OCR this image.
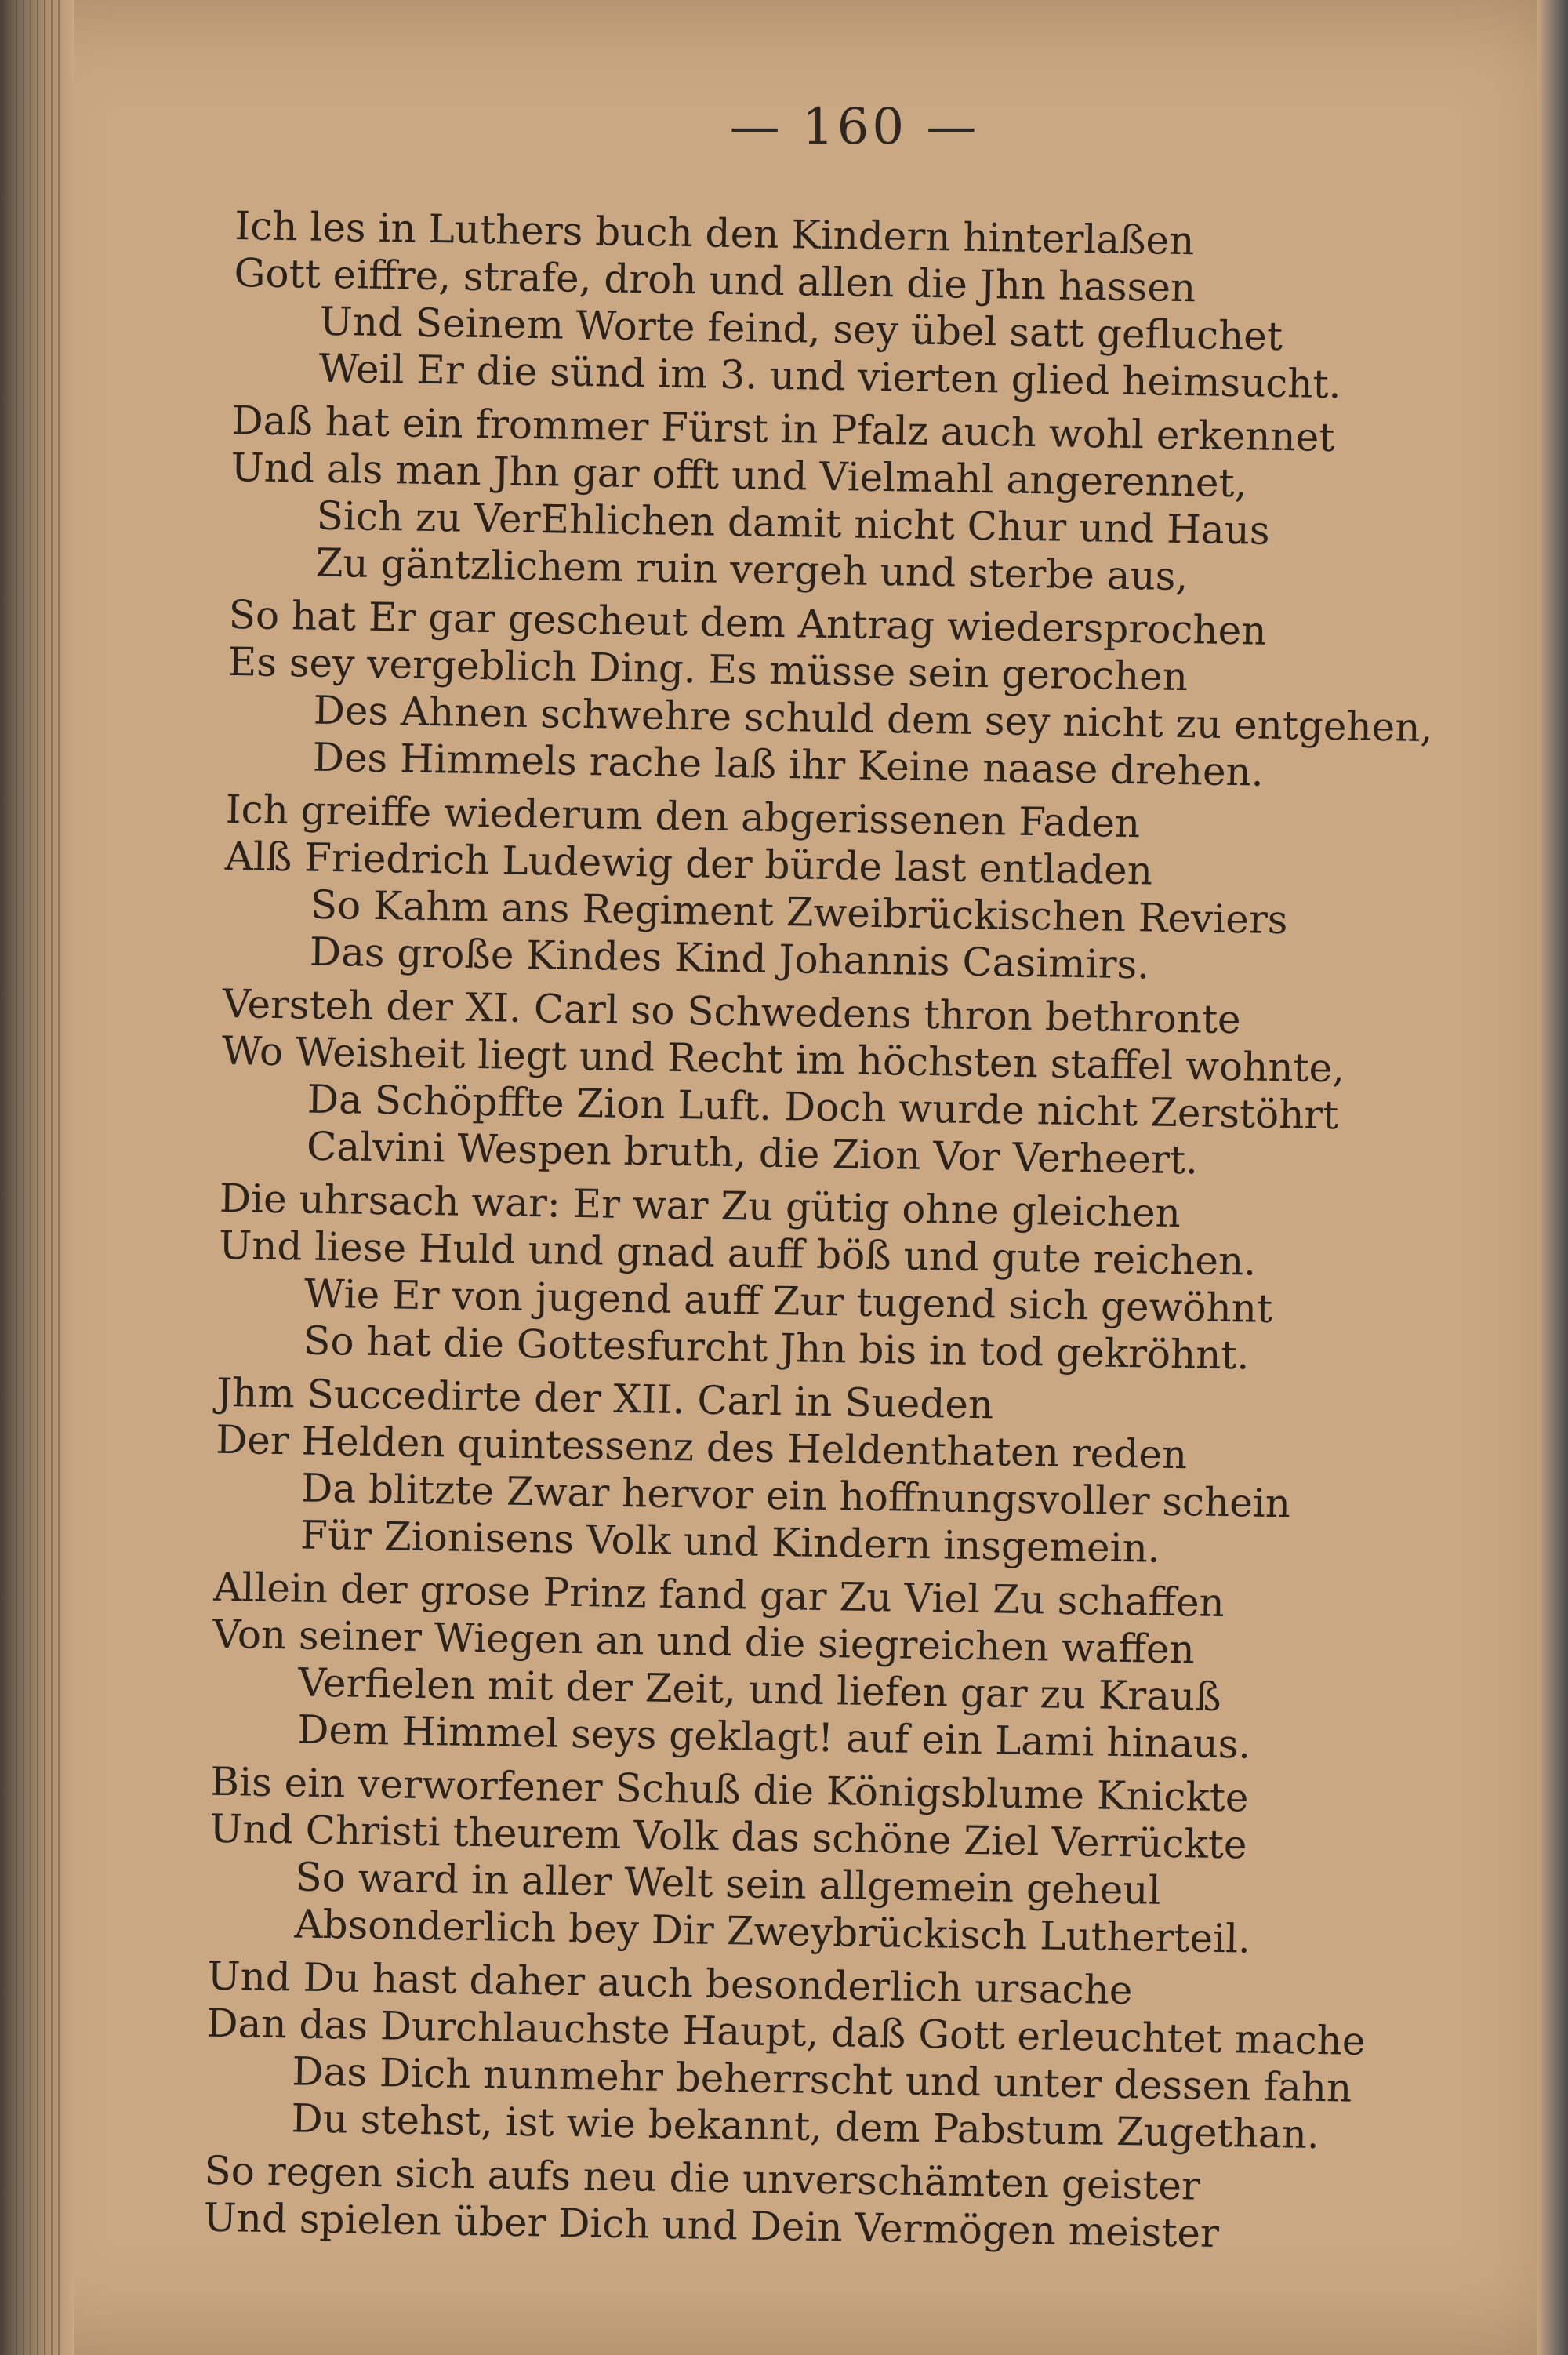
— 160 —
Ich les in Luthers buch den Kindern hinterlaßen
Gott eiffre, strafe, droh und allen die Jhn hassen
Und Seinem Worte feind, sey übel satt gefluchet
Weil Er die sünd im 3. und vierten glied heimsucht.
Daß hat ein frommer Fürst in Pfalz auch wohl erkennet
Und als man Jhn gar offt und Vielmahl angerennet,
Sich zu VerEhlichen damit nicht Chur und Haus
Zu gäntzlichem ruin vergeh und sterbe aus,
So hat Er gar gescheut dem Antrag wiedersprochen
Es sey vergeblich Ding. Es müsse sein gerochen
Des Ahnen schwehre schuld dem sey nicht zu entgehen,
Des Himmels rache laß ihr Keine naase drehen.
Ich greiffe wiederum den abgerissenen Faden
Alß Friedrich Ludewig der bürde last entladen
So Kahm ans Regiment Zweibrückischen Reviers
Das große Kindes Kind Johannis Casimirs.
Versteh der XI. Carl so Schwedens thron bethronte
Wo Weisheit liegt und Recht im höchsten staffel wohnte,
Da Schöpffte Zion Luft. Doch wurde nicht Zerstöhrt
Calvini Wespen bruth, die Zion Vor Verheert.
Die uhrsach war: Er war Zu gütig ohne gleichen
Und liese Huld und gnad auff böß und gute reichen.
Wie Er von jugend auff Zur tugend sich gewöhnt
So hat die Gottesfurcht Jhn bis in tod gekröhnt.
Jhm Succedirte der XII. Carl in Sueden
Der Helden quintessenz des Heldenthaten reden
Da blitzte Zwar hervor ein hoffnungsvoller schein
Für Zionisens Volk und Kindern insgemein.
Allein der grose Prinz fand gar Zu Viel Zu schaffen
Von seiner Wiegen an und die siegreichen waffen
Verfielen mit der Zeit, und liefen gar zu Krauß
Dem Himmel seys geklagt! auf ein Lami hinaus.
Bis ein verworfener Schuß die Königsblume Knickte
Und Christi theurem Volk das schöne Ziel Verrückte
So ward in aller Welt sein allgemein geheul
Absonderlich bey Dir Zweybrückisch Lutherteil.
Und Du hast daher auch besonderlich ursache
Dan das Durchlauchste Haupt, daß Gott erleuchtet mache
Das Dich nunmehr beherrscht und unter dessen fahn
Du stehst, ist wie bekannt, dem Pabstum Zugethan.
So regen sich aufs neu die unverschämten geister
Und spielen über Dich und Dein Vermögen meister
